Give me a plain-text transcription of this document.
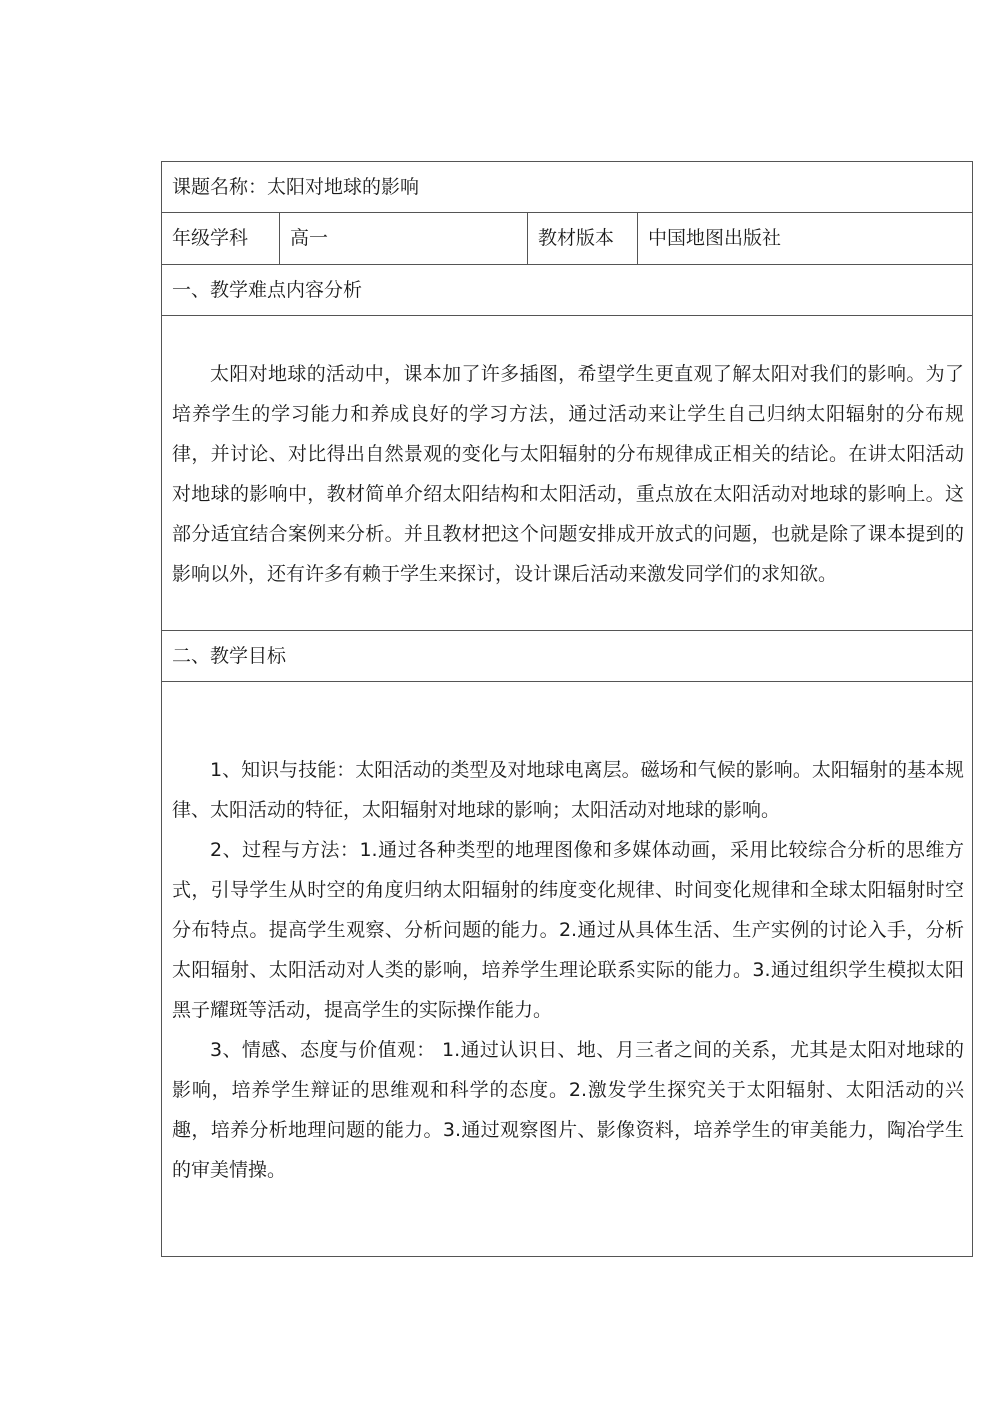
课题名称：太阳对地球的影响
年级学科	高一	教材版本	中国地图出版社
一、教学难点内容分析

太阳对地球的活动中，课本加了许多插图，希望学生更直观了解太阳对我们的影响。为了培养学生的学习能力和养成良好的学习方法，通过活动来让学生自己归纳太阳辐射的分布规律，并讨论、对比得出自然景观的变化与太阳辐射的分布规律成正相关的结论。在讲太阳活动对地球的影响中，教材简单介绍太阳结构和太阳活动，重点放在太阳活动对地球的影响上。这部分适宜结合案例来分析。并且教材把这个问题安排成开放式的问题，也就是除了课本提到的影响以外，还有许多有赖于学生来探讨，设计课后活动来激发同学们的求知欲。

二、教学目标

1、知识与技能：太阳活动的类型及对地球电离层。磁场和气候的影响。太阳辐射的基本规律、太阳活动的特征，太阳辐射对地球的影响；太阳活动对地球的影响。

2、过程与方法：1.通过各种类型的地理图像和多媒体动画，采用比较综合分析的思维方式，引导学生从时空的角度归纳太阳辐射的纬度变化规律、时间变化规律和全球太阳辐射时空分布特点。提高学生观察、分析问题的能力。2.通过从具体生活、生产实例的讨论入手，分析太阳辐射、太阳活动对人类的影响，培养学生理论联系实际的能力。3.通过组织学生模拟太阳黑子耀斑等活动，提高学生的实际操作能力。

3、情感、态度与价值观： 1.通过认识日、地、月三者之间的关系，尤其是太阳对地球的影响，培养学生辩证的思维观和科学的态度。2.激发学生探究关于太阳辐射、太阳活动的兴趣，培养分析地理问题的能力。3.通过观察图片、影像资料，培养学生的审美能力，陶冶学生的审美情操。
